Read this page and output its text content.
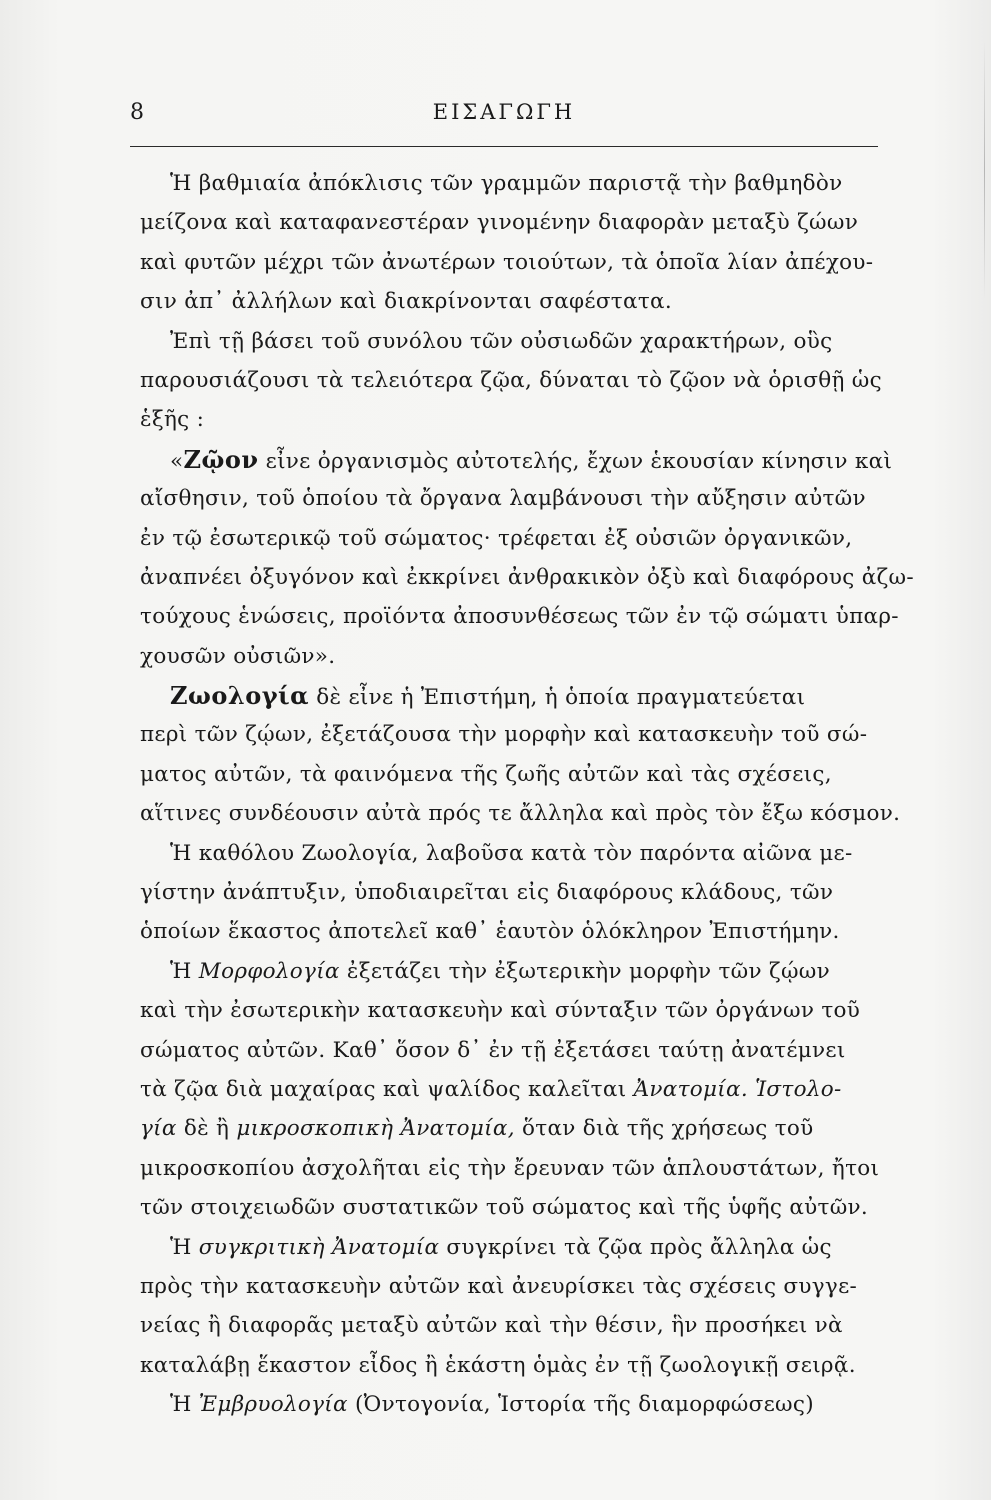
8	ΕΙΣΑΓΩΓΗ
Ἡ βαθμιαία ἀπόκλισις τῶν γραμμῶν παριστᾷ τὴν βαθμηδὸν
μείζονα καὶ καταφανεστέραν γινομένην διαφορὰν μεταξὺ ζώων
καὶ φυτῶν μέχρι τῶν ἀνωτέρων τοιούτων, τὰ ὁποῖα λίαν ἀπέχου-
σιν ἀπ᾽ ἀλλήλων καὶ διακρίνονται σαφέστατα.
Ἐπὶ τῇ βάσει τοῦ συνόλου τῶν οὐσιωδῶν χαρακτήρων, οὓς
παρουσιάζουσι τὰ τελειότερα ζῷα, δύναται τὸ ζῷον νὰ ὁρισθῇ ὡς
ἑξῆς :
«Ζῷον εἶνε ὀργανισμὸς αὐτοτελής, ἔχων ἑκουσίαν κίνησιν καὶ
αἴσθησιν, τοῦ ὁποίου τὰ ὄργανα λαμβάνουσι τὴν αὔξησιν αὐτῶν
ἐν τῷ ἐσωτερικῷ τοῦ σώματος· τρέφεται ἐξ οὐσιῶν ὀργανικῶν,
ἀναπνέει ὀξυγόνον καὶ ἐκκρίνει ἀνθρακικὸν ὀξὺ καὶ διαφόρους ἀζω-
τούχους ἑνώσεις, προϊόντα ἀποσυνθέσεως τῶν ἐν τῷ σώματι ὑπαρ-
χουσῶν οὐσιῶν».
Ζωολογία δὲ εἶνε ἡ Ἐπιστήμη, ἡ ὁποία πραγματεύεται
περὶ τῶν ζῴων, ἐξετάζουσα τὴν μορφὴν καὶ κατασκευὴν τοῦ σώ-
ματος αὐτῶν, τὰ φαινόμενα τῆς ζωῆς αὐτῶν καὶ τὰς σχέσεις,
αἵτινες συνδέουσιν αὐτὰ πρός τε ἄλληλα καὶ πρὸς τὸν ἔξω κόσμον.
Ἡ καθόλου Ζωολογία, λαβοῦσα κατὰ τὸν παρόντα αἰῶνα με-
γίστην ἀνάπτυξιν, ὑποδιαιρεῖται εἰς διαφόρους κλάδους, τῶν
ὁποίων ἕκαστος ἀποτελεῖ καθ᾽ ἑαυτὸν ὁλόκληρον Ἐπιστήμην.
Ἡ Μορφολογία ἐξετάζει τὴν ἐξωτερικὴν μορφὴν τῶν ζῴων
καὶ τὴν ἐσωτερικὴν κατασκευὴν καὶ σύνταξιν τῶν ὀργάνων τοῦ
σώματος αὐτῶν. Καθ᾽ ὅσον δ᾽ ἐν τῇ ἐξετάσει ταύτῃ ἀνατέμνει
τὰ ζῷα διὰ μαχαίρας καὶ ψαλίδος καλεῖται Ἀνατομία. Ἱστολο-
γία δὲ ἢ μικροσκοπικὴ Ἀνατομία, ὅταν διὰ τῆς χρήσεως τοῦ
μικροσκοπίου ἀσχολῆται εἰς τὴν ἔρευναν τῶν ἁπλουστάτων, ἤτοι
τῶν στοιχειωδῶν συστατικῶν τοῦ σώματος καὶ τῆς ὑφῆς αὐτῶν.
Ἡ συγκριτικὴ Ἀνατομία συγκρίνει τὰ ζῷα πρὸς ἄλληλα ὡς
πρὸς τὴν κατασκευὴν αὐτῶν καὶ ἀνευρίσκει τὰς σχέσεις συγγε-
νείας ἢ διαφορᾶς μεταξὺ αὐτῶν καὶ τὴν θέσιν, ἣν προσήκει νὰ
καταλάβῃ ἕκαστον εἶδος ἢ ἑκάστη ὁμὰς ἐν τῇ ζωολογικῇ σειρᾷ.
Ἡ Ἐμβρυολογία (Ὀντογονία, Ἱστορία τῆς διαμορφώσεως)
